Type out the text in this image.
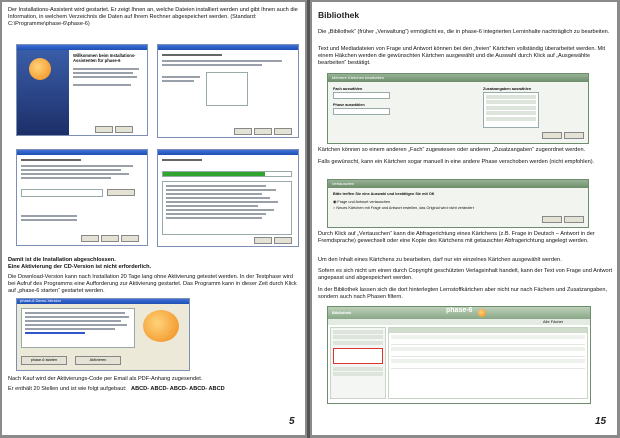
Der Installations-Assistent wird gestartet. Er zeigt Ihnen an, welche Dateien installiert werden und gibt Ihnen auch die Information, in welchem Verzeichnis die Daten auf Ihrem Rechner abgespeichert werden. (Standard: C:\Programme\phase-6\phase-6)
Willkommen beim Installations-Assistenten für phase-6
Damit ist die Installation abgeschlossen.
Eine Aktivierung der CD-Version ist nicht erforderlich.
Die Download-Version kann nach Installation 20 Tage lang ohne Aktivierung getestet werden. In der Testphase wird bei Aufruf des Programms eine Aufforderung zur Aktivierung gestartet. Das Programm kann in dieser Zeit durch Klick auf „phase-6 starten“ gestartet werden.
phase-6 Demo-Version
phase-6 starten	Aktivieren
Nach Kauf wird der Aktivierungs-Code per Email als PDF-Anhang zugesendet.
Er enthält 20 Stellen und ist wie folgt aufgebaut: ABCD- ABCD- ABCD- ABCD- ABCD
5
Bibliothek
Die „Bibliothek“ (früher „Verwaltung“) ermöglicht es, die in phase-6 integrierten Lerninhalte nachträglich zu bearbeiten.
Text und Mediadateien von Frage und Antwort können bei den „freien“ Kärtchen vollständig überarbeitet werden. Mit einem Häkchen werden die gewünschten Kärtchen ausgewählt und die Auswahl durch Klick auf „Ausgewählte bearbeiten“ bestätigt.
Mehrere Kärtchen bearbeiten
Fach auswählen
Phase auswählen
Zusatzangaben auswählen
Kärtchen können so einem anderen „Fach“ zugewiesen oder anderen „Zusatzangaben“ zugeordnet werden.
Falls gewünscht, kann ein Kärtchen sogar manuell in eine andere Phase verschoben werden (nicht empfohlen).
Vertauschen
Bitte treffen Sie eine Auswahl und bestätigen Sie mit OK
◉ Frage und Antwort vertauschen
○ Neues Kärtchen mit Frage und Antwort erstellen, das Original wird nicht verändert
Durch Klick auf „Vertauschen“ kann die Abfragerichtung eines Kärtchens (z.B. Frage in Deutsch – Antwort in der Fremdsprache) gewechselt oder eine Kopie des Kärtchens mit getauschter Abfragerichtung angelegt werden.
Um den Inhalt eines Kärtchens zu bearbeiten, darf nur ein einzelnes Kärtchen ausgewählt werden.
Sofern es sich nicht um einen durch Copyright geschützten Verlagsinhalt handelt, kann der Text von Frage und Antwort angepasst und abgespeichert werden.
In der Bibliothek lassen sich die dort hinterlegten Lernstoffkärtchen aber nicht nur nach Fächern und Zusatzangaben, sondern auch nach Phasen filtern.
Bibliothek	phase-6
Alle Fächer
15
